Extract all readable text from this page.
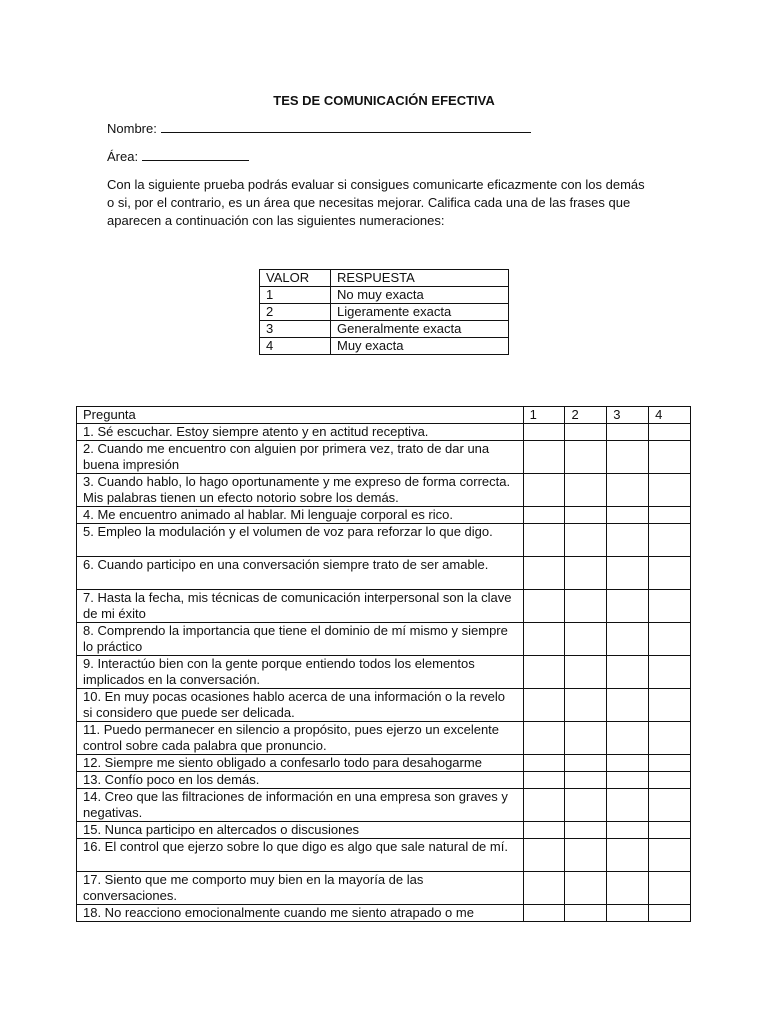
TES DE COMUNICACIÓN EFECTIVA
Nombre:
Área:
Con la siguiente prueba podrás evaluar si consigues comunicarte eficazmente con los demás o si, por el contrario, es un área que necesitas mejorar. Califica cada una de las frases que aparecen a continuación con las siguientes numeraciones:
VALOR	RESPUESTA
1	No muy exacta
2	Ligeramente exacta
3	Generalmente exacta
4	Muy exacta
Pregunta	1	2	3	4
1. Sé escuchar. Estoy siempre atento y en actitud receptiva.				
2. Cuando me encuentro con alguien por primera vez, trato de dar una buena impresión				
3. Cuando hablo, lo hago oportunamente y me expreso de forma correcta. Mis palabras tienen un efecto notorio sobre los demás.				
4. Me encuentro animado al hablar. Mi lenguaje corporal es rico.				
5. Empleo la modulación y el volumen de voz para reforzar lo que digo.				
6. Cuando participo en una conversación siempre trato de ser amable.				
7. Hasta la fecha, mis técnicas de comunicación interpersonal son la clave de mi éxito				
8. Comprendo la importancia que tiene el dominio de mí mismo y siempre lo práctico				
9. Interactúo bien con la gente porque entiendo todos los elementos implicados en la conversación.				
10. En muy pocas ocasiones hablo acerca de una información o la revelo si considero que puede ser delicada.				
11. Puedo permanecer en silencio a propósito, pues ejerzo un excelente control sobre cada palabra que pronuncio.				
12. Siempre me siento obligado a confesarlo todo para desahogarme				
13. Confío poco en los demás.				
14. Creo que las filtraciones de información en una empresa son graves y negativas.				
15. Nunca participo en altercados o discusiones				
16. El control que ejerzo sobre lo que digo es algo que sale natural de mí.				
17. Siento que me comporto muy bien en la mayoría de las conversaciones.				
18. No reacciono emocionalmente cuando me siento atrapado o me				
